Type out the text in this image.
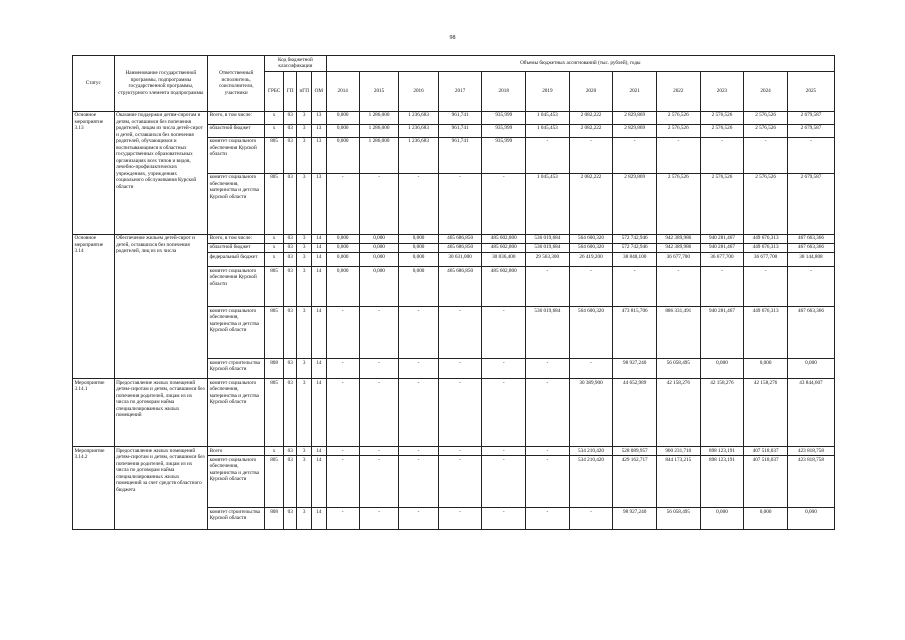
98
Статус	Наименование государственной программы, подпрограммы государственной программы, структурного элемента подпрограммы	Ответственный исполнитель, соисполнители, участники	Код бюджетной классификации				Объемы бюджетных ассигнований (тыс. рублей), годы											
			ГРБС	ГП	пГП	ОМ	2014	2015	2016	2017	2018	2019	2020	2021	2022	2023	2024	2025
Основное мероприятие 3.13	Оказание поддержки детям-сиротам и детям, оставшимся без попечения родителей, лицам из числа детей-сирот и детей, оставшихся без попечения родителей, обучающимся и воспитывающимся в областных государственных образовательных организациях всех типов и видов, лечебно-профилактических учреждениях, учреждениях социального обслуживания Курской области	Всего, в том числе:	х	03	3	13	0,000	1 286,000	1 236,683	961,741	935,999	1 045,453	2 082,222	2 829,869	2 576,526	2 576,526	2 576,526	2 679,587
		областной бюджет	х	03	3	13	0,000	1 286,000	1 236,683	961,741	935,999	1 045,453	2 082,222	2 829,869	2 576,526	2 576,526	2 576,526	2 679,587
		комитет социального обеспечения Курской области	805	03	3	13	0,000	1 286,000	1 236,683	961,741	935,999	-	-	-	-	-	-	-
		комитет социального обеспечения, материнства и детства Курской области	805	03	3	13	-	-	-	-	-	1 045,453	2 082,222	2 829,869	2 576,526	2 576,526	2 576,526	2 679,587
Основное мероприятие 3.14	Обеспечение жильем детей-сирот и детей, оставшихся без попечения родителей, лиц из их числа	Всего, в том числе:	х	03	3	14	0,000	0,000	0,000	465 686,850	485 602,800	536 019,684	564 600,320	572 742,946	942 389,986	940 281,467	449 676,313	467 663,366
		областной бюджет	х	03	3	14	0,000	0,000	0,000	465 686,850	485 602,800	536 019,684	564 600,320	572 742,946	942 389,986	940 281,467	449 676,313	467 663,366
		федеральный бюджет	х	03	3	14	0,000	0,000	0,000	30 631,000	30 836,400	29 563,300	26 419,200	38 848,100	36 677,700	36 677,700	36 677,700	38 144,808
		комитет социального обеспечения Курской области	805	03	3	14	0,000	0,000	0,000	465 686,850	485 602,800	-	-	-	-	-	-	-
		комитет социального обеспечения, материнства и детства Курской области	805	03	3	14	-	-	-	-	-	536 019,684	564 600,320	473 815,706	886 331,491	940 281,467	449 676,313	467 663,366
		комитет строительства Курской области	808	03	3	14	-	-	-	-	-	-	-	98 927,240	56 058,495	0,000	0,000	0,000
Мероприятие 3.14.1	Предоставление жилых помещений детям-сиротам и детям, оставшимся без попечения родителей, лицам из их числа по договорам найма специализированных жилых помещений	комитет социального обеспечения, материнства и детства Курской области	805	03	3	14	-	-	-	-	-	-	30 389,900	44 652,989	42 158,276	42 158,276	42 158,276	43 844,607
Мероприятие 3.14.2	Предоставление жилых помещений детям-сиротам и детям, оставшимся без попечения родителей, лицам из их числа по договорам найма специализированных жилых помещений за счет средств областного бюджета	Всего	х	03	3	14	-	-	-	-	-	-	534 210,420	528 089,957	900 231,710	898 123,191	407 518,037	423 818,758
		комитет социального обеспечения, материнства и детства Курской области	805	03	3	14	-	-	-	-	-	-	534 210,420	429 162,717	844 173,215	898 123,191	407 518,037	423 818,758
		комитет строительства Курской области	808	03	3	14	-	-	-	-	-	-	-	98 927,240	56 058,495	0,000	0,000	0,000
